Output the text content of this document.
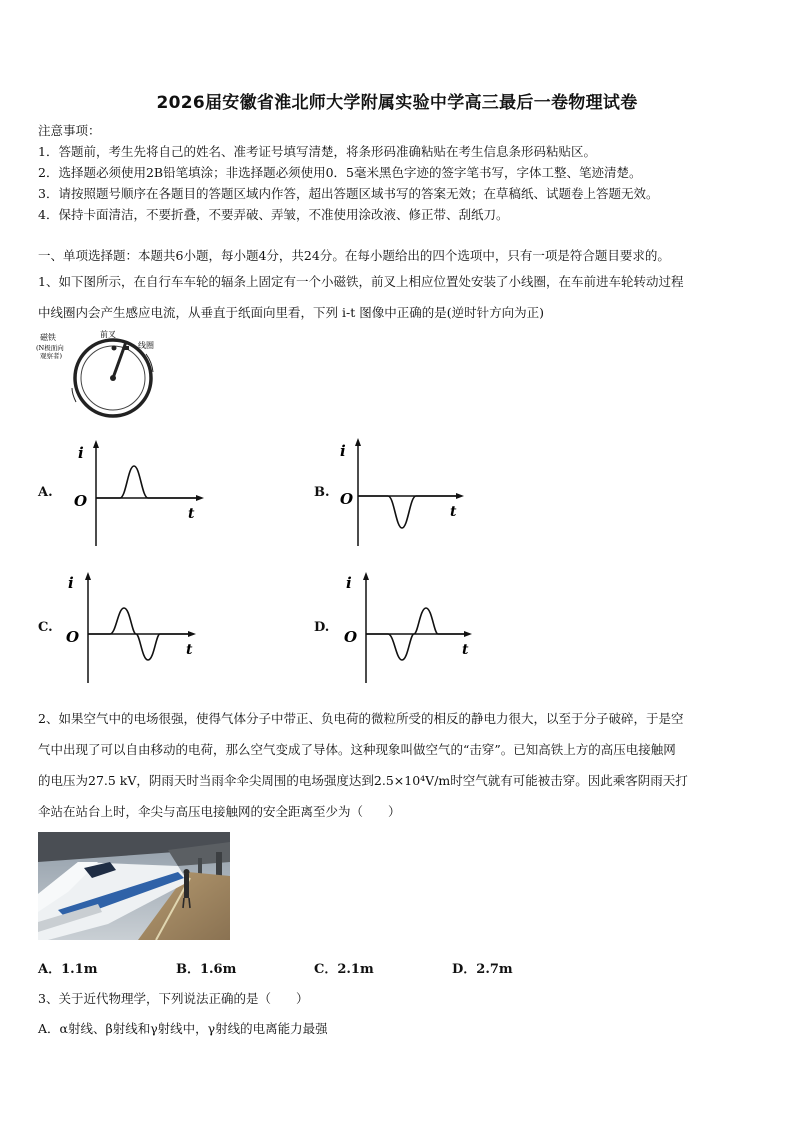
2026届安徽省淮北师大学附属实验中学高三最后一卷物理试卷
注意事项：
1．答题前，考生先将自己的姓名、准考证号填写清楚，将条形码准确粘贴在考生信息条形码粘贴区。
2．选择题必须使用2B铅笔填涂；非选择题必须使用0．5毫米黑色字迹的签字笔书写，字体工整、笔迹清楚。
3．请按照题号顺序在各题目的答题区域内作答，超出答题区域书写的答案无效；在草稿纸、试题卷上答题无效。
4．保持卡面清洁，不要折叠，不要弄破、弄皱，不准使用涂改液、修正带、刮纸刀。
一、单项选择题：本题共6小题，每小题4分，共24分。在每小题给出的四个选项中，只有一项是符合题目要求的。
1、如下图所示，在自行车车轮的辐条上固定有一个小磁铁，前叉上相应位置处安装了小线圈，在车前进车轮转动过程
中线圈内会产生感应电流，从垂直于纸面向里看，下列 i-t 图像中正确的是(逆时针方向为正)
磁铁
(N极面向
观察者)
前叉
线圈
A.
i
O
t
B.
i
O
t
C.
i
O
t
D.
i
O
t
2、如果空气中的电场很强，使得气体分子中带正、负电荷的微粒所受的相反的静电力很大，以至于分子破碎，于是空
气中出现了可以自由移动的电荷，那么空气变成了导体。这种现象叫做空气的“击穿”。已知高铁上方的高压电接触网
的电压为27.5 kV，阴雨天时当雨伞伞尖周围的电场强度达到2.5×10⁴V/m时空气就有可能被击穿。因此乘客阴雨天打
伞站在站台上时，伞尖与高压电接触网的安全距离至少为（　　）
A．1.1m	B．1.6m	C．2.1m	D．2.7m
3、关于近代物理学，下列说法正确的是（　　）
A．α射线、β射线和γ射线中，γ射线的电离能力最强
